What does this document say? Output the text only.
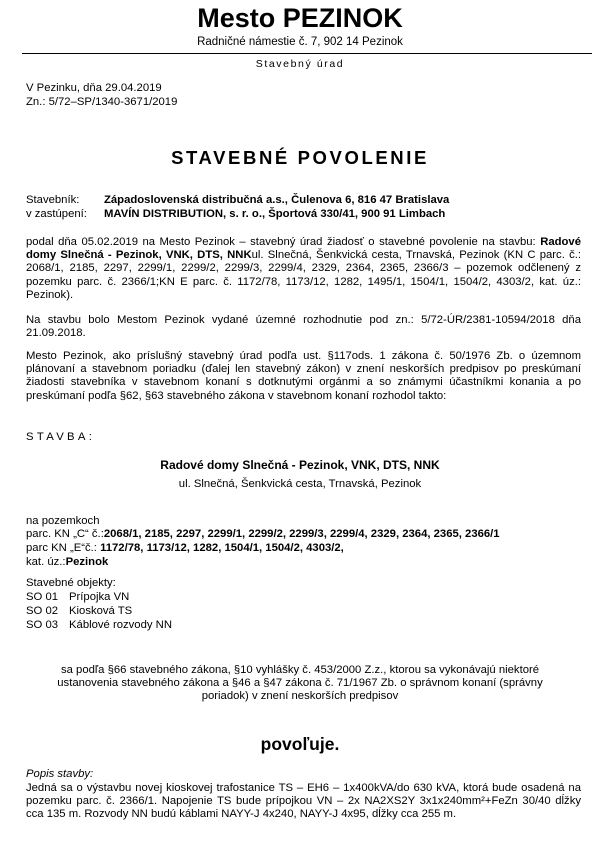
Mesto PEZINOK
Radničné námestie č. 7, 902 14 Pezinok
Stavebný úrad
V Pezinku, dňa 29.04.2019
Zn.: 5/72–SP/1340-3671/2019
STAVEBNÉ POVOLENIE
Stavebník: Západoslovenská distribučná a.s., Čulenova 6, 816 47 Bratislava
v zastúpení: MAVÍN DISTRIBUTION, s. r. o., Športová 330/41, 900 91 Limbach
podal dňa 05.02.2019 na Mesto Pezinok – stavebný úrad žiadosť o stavebné povolenie na stavbu: Radové domy Slnečná - Pezinok, VNK, DTS, NNKul. Slnečná, Šenkvická cesta, Trnavská, Pezinok (KN C parc. č.: 2068/1, 2185, 2297, 2299/1, 2299/2, 2299/3, 2299/4, 2329, 2364, 2365, 2366/3 – pozemok odčlenený z pozemku parc. č. 2366/1;KN E parc. č. 1172/78, 1173/12, 1282, 1495/1, 1504/1, 1504/2, 4303/2, kat. úz.: Pezinok).
Na stavbu bolo Mestom Pezinok vydané územné rozhodnutie pod zn.: 5/72-ÚR/2381-10594/2018 dňa 21.09.2018.
Mesto Pezinok, ako príslušný stavebný úrad podľa ust. §117ods. 1 zákona č. 50/1976 Zb. o územnom plánovaní a stavebnom poriadku (ďalej len stavebný zákon) v znení neskorších predpisov po preskúmaní žiadosti stavebníka v stavebnom konaní s dotknutými orgánmi a so známymi účastníkmi konania a po preskúmaní podľa §62, §63 stavebného zákona v stavebnom konaní rozhodol takto:
STAVBA:
Radové domy Slnečná - Pezinok, VNK, DTS, NNK
ul. Slnečná, Šenkvická cesta, Trnavská, Pezinok
na pozemkoch
parc. KN „C“ č.:2068/1, 2185, 2297, 2299/1, 2299/2, 2299/3, 2299/4, 2329, 2364, 2365, 2366/1
parc KN „E“č.: 1172/78, 1173/12, 1282, 1504/1, 1504/2, 4303/2,
kat. úz.:Pezinok
Stavebné objekty:
SO 01 Prípojka VN
SO 02 Kiosková TS
SO 03 Káblové rozvody NN
sa podľa §66 stavebného zákona, §10 vyhlášky č. 453/2000 Z.z., ktorou sa vykonávajú niektoré ustanovenia stavebného zákona a §46 a §47 zákona č. 71/1967 Zb. o správnom konaní (správny poriadok) v znení neskorších predpisov
povoľuje.
Popis stavby:
Jedná sa o výstavbu novej kioskovej trafostanice TS – EH6 – 1x400kVA/do 630 kVA, ktorá bude osadená na pozemku parc. č. 2366/1. Napojenie TS bude prípojkou VN – 2x NA2XS2Y 3x1x240mm²+FeZn 30/40 dĺžky cca 135 m. Rozvody NN budú káblami NAYY-J 4x240, NAYY-J 4x95, dĺžky cca 255 m.
